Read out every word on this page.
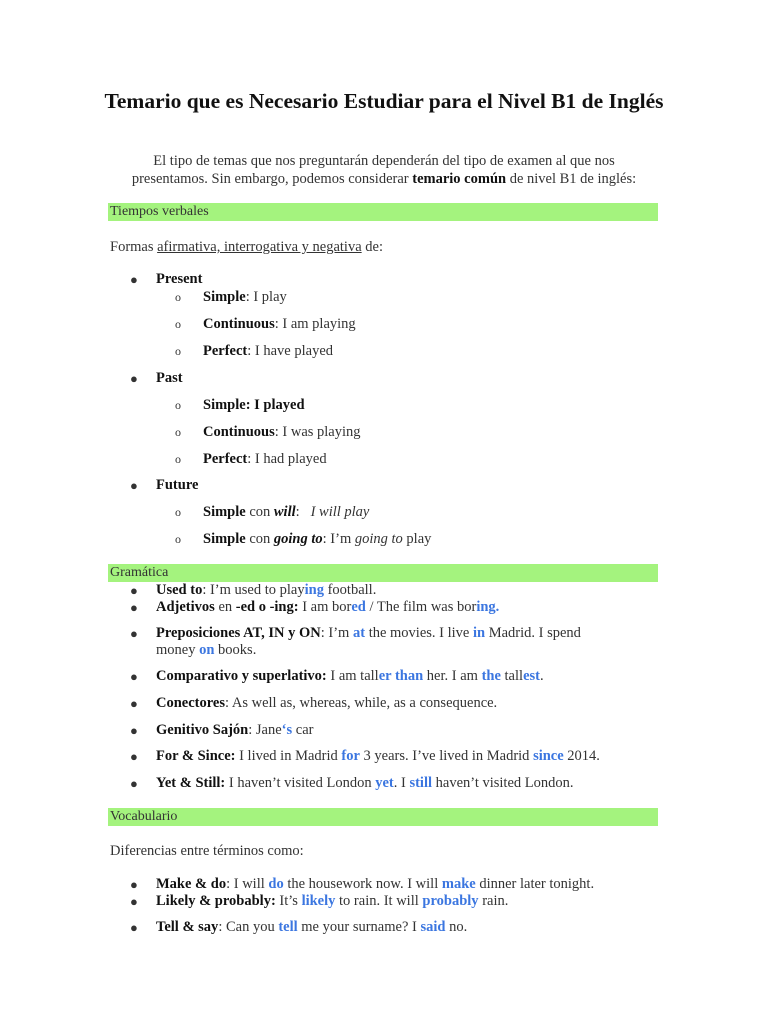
Temario que es Necesario Estudiar para el Nivel B1 de Inglés
El tipo de temas que nos preguntarán dependerán del tipo de examen al que nos
presentamos. Sin embargo, podemos considerar temario común de nivel B1 de inglés:
Tiempos verbales
Formas afirmativa, interrogativa y negativa de:
● Present
o Simple: I play
o Continuous: I am playing
o Perfect: I have played
● Past
o Simple: I played
o Continuous: I was playing
o Perfect: I had played
● Future
o Simple con will:   I will play
o Simple con going to: I’m going to play
Gramática
● Used to: I’m used to playing football.
● Adjetivos en -ed o -ing: I am bored / The film was boring.
● Preposiciones AT, IN y ON: I’m at the movies. I live in Madrid. I spend
money on books.
● Comparativo y superlativo: I am taller than her. I am the tallest.
● Conectores: As well as, whereas, while, as a consequence.
● Genitivo Sajón: Jane‘s car
● For & Since: I lived in Madrid for 3 years. I’ve lived in Madrid since 2014.
● Yet & Still: I haven’t visited London yet. I still haven’t visited London.
Vocabulario
Diferencias entre términos como:
● Make & do: I will do the housework now. I will make dinner later tonight.
● Likely & probably: It’s likely to rain. It will probably rain.
● Tell & say: Can you tell me your surname? I said no.
